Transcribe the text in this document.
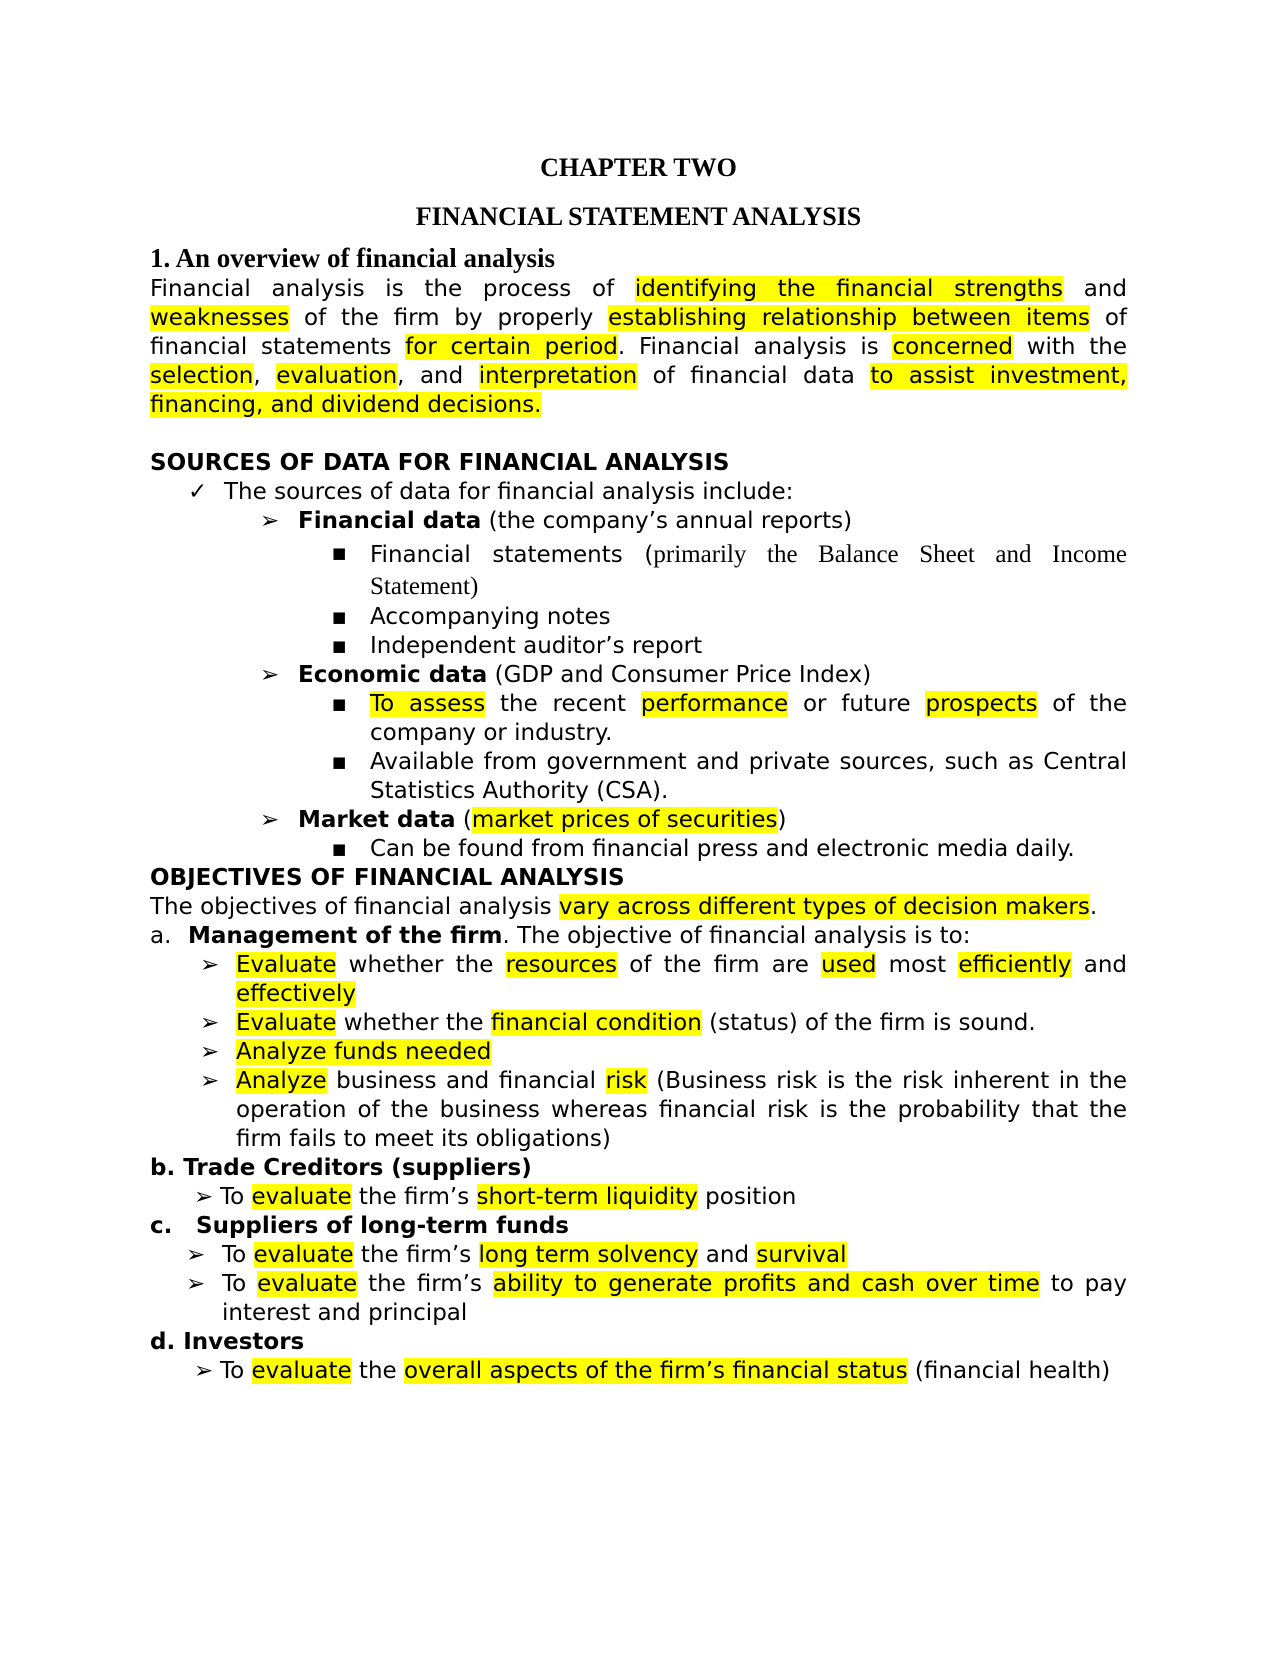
CHAPTER TWO
FINANCIAL STATEMENT ANALYSIS
1. An overview of financial analysis
Financial analysis is the process of identifying the financial strengths and weaknesses of the firm by properly establishing relationship between items of financial statements for certain period. Financial analysis is concerned with the selection, evaluation, and interpretation of financial data to assist investment, financing, and dividend decisions.
SOURCES OF DATA FOR FINANCIAL ANALYSIS
✓ The sources of data for financial analysis include:
➢ Financial data (the company’s annual reports)
■	Financial statements (primarily the Balance Sheet and Income Statement)
■	Accompanying notes
■	Independent auditor’s report
➢ Economic data (GDP and Consumer Price Index)
■	To assess the recent performance or future prospects of the company or industry.
■	Available from government and private sources, such as Central Statistics Authority (CSA).
➢ Market data (market prices of securities)
■	Can be found from financial press and electronic media daily.
OBJECTIVES OF FINANCIAL ANALYSIS
The objectives of financial analysis vary across different types of decision makers.
a. Management of the firm. The objective of financial analysis is to:
➢ Evaluate whether the resources of the firm are used most efficiently and effectively
➢ Evaluate whether the financial condition (status) of the firm is sound.
➢ Analyze funds needed
➢ Analyze business and financial risk (Business risk is the risk inherent in the operation of the business whereas financial risk is the probability that the firm fails to meet its obligations)
b. Trade Creditors (suppliers)
➢ To evaluate the firm’s short-term liquidity position
c.	Suppliers of long-term funds
➢ To evaluate the firm’s long term solvency and survival
➢ To evaluate the firm’s ability to generate profits and cash over time to pay interest and principal
d. Investors
➢ To evaluate the overall aspects of the firm’s financial status (financial health)
